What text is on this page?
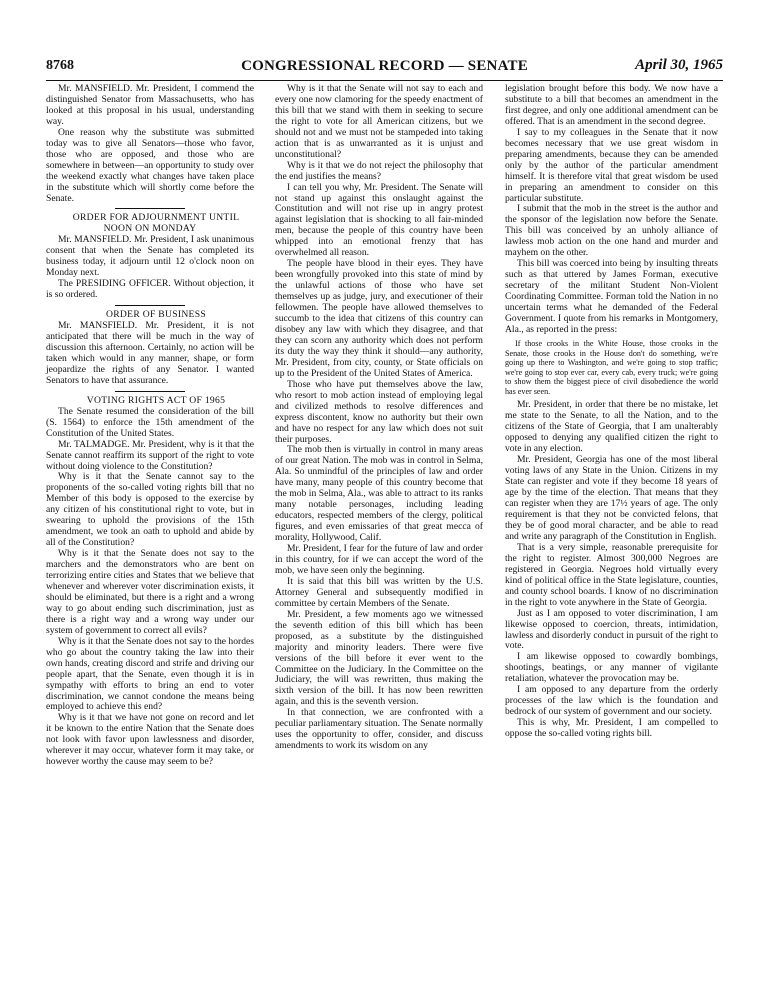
8768	CONGRESSIONAL RECORD — SENATE	April 30, 1965

Mr. MANSFIELD. Mr. President, I commend the distinguished Senator from Massachusetts, who has looked at this proposal in his usual, understanding way.

One reason why the substitute was submitted today was to give all Senators—those who favor, those who are opposed, and those who are somewhere in between—an opportunity to study over the weekend exactly what changes have taken place in the substitute which will shortly come before the Senate.

ORDER FOR ADJOURNMENT UNTIL NOON ON MONDAY

Mr. MANSFIELD. Mr. President, I ask unanimous consent that when the Senate has completed its business today, it adjourn until 12 o'clock noon on Monday next.

The PRESIDING OFFICER. Without objection, it is so ordered.

ORDER OF BUSINESS

Mr. MANSFIELD. Mr. President, it is not anticipated that there will be much in the way of discussion this afternoon. Certainly, no action will be taken which would in any manner, shape, or form jeopardize the rights of any Senator. I wanted Senators to have that assurance.

VOTING RIGHTS ACT OF 1965

The Senate resumed the consideration of the bill (S. 1564) to enforce the 15th amendment of the Constitution of the United States.

Mr. TALMADGE. Mr. President, why is it that the Senate cannot reaffirm its support of the right to vote without doing violence to the Constitution?

Why is it that the Senate cannot say to the proponents of the so-called voting rights bill that no Member of this body is opposed to the exercise by any citizen of his constitutional right to vote, but in swearing to uphold the provisions of the 15th amendment, we took an oath to uphold and abide by all of the Constitution?

Why is it that the Senate does not say to the marchers and the demonstrators who are bent on terrorizing entire cities and States that we believe that whenever and wherever voter discrimination exists, it should be eliminated, but there is a right and a wrong way to go about ending such discrimination, just as there is a right way and a wrong way under our system of government to correct all evils?

Why is it that the Senate does not say to the hordes who go about the country taking the law into their own hands, creating discord and strife and driving our people apart, that the Senate, even though it is in sympathy with efforts to bring an end to voter discrimination, we cannot condone the means being employed to achieve this end?

Why is it that we have not gone on record and let it be known to the entire Nation that the Senate does not look with favor upon lawlessness and disorder, wherever it may occur, whatever form it may take, or however worthy the cause may seem to be?

Why is it that the Senate will not say to each and every one now clamoring for the speedy enactment of this bill that we stand with them in seeking to secure the right to vote for all American citizens, but we should not and we must not be stampeded into taking action that is as unwarranted as it is unjust and unconstitutional?

Why is it that we do not reject the philosophy that the end justifies the means?

I can tell you why, Mr. President. The Senate will not stand up against this onslaught against the Constitution and will not rise up in angry protest against legislation that is shocking to all fair-minded men, because the people of this country have been whipped into an emotional frenzy that has overwhelmed all reason.

The people have blood in their eyes. They have been wrongfully provoked into this state of mind by the unlawful actions of those who have set themselves up as judge, jury, and executioner of their fellowmen. The people have allowed themselves to succumb to the idea that citizens of this country can disobey any law with which they disagree, and that they can scorn any authority which does not perform its duty the way they think it should—any authority, Mr. President, from city, county, or State officials on up to the President of the United States of America.

Those who have put themselves above the law, who resort to mob action instead of employing legal and civilized methods to resolve differences and express discontent, know no authority but their own and have no respect for any law which does not suit their purposes.

The mob then is virtually in control in many areas of our great Nation. The mob was in control in Selma, Ala. So unmindful of the principles of law and order have many, many people of this country become that the mob in Selma, Ala., was able to attract to its ranks many notable personages, including leading educators, respected members of the clergy, political figures, and even emissaries of that great mecca of morality, Hollywood, Calif.

Mr. President, I fear for the future of law and order in this country, for if we can accept the word of the mob, we have seen only the beginning.

It is said that this bill was written by the U.S. Attorney General and subsequently modified in committee by certain Members of the Senate.

Mr. President, a few moments ago we witnessed the seventh edition of this bill which has been proposed, as a substitute by the distinguished majority and minority leaders. There were five versions of the bill before it ever went to the Committee on the Judiciary. In the Committee on the Judiciary, the will was rewritten, thus making the sixth version of the bill. It has now been rewritten again, and this is the seventh version.

In that connection, we are confronted with a peculiar parliamentary situation. The Senate normally uses the opportunity to offer, consider, and discuss amendments to work its wisdom on any

legislation brought before this body. We now have a substitute to a bill that becomes an amendment in the first degree, and only one additional amendment can be offered. That is an amendment in the second degree.

I say to my colleagues in the Senate that it now becomes necessary that we use great wisdom in preparing amendments, because they can be amended only by the author of the particular amendment himself. It is therefore vital that great wisdom be used in preparing an amendment to consider on this particular substitute.

I submit that the mob in the street is the author and the sponsor of the legislation now before the Senate. This bill was conceived by an unholy alliance of lawless mob action on the one hand and murder and mayhem on the other.

This bill was coerced into being by insulting threats such as that uttered by James Forman, executive secretary of the militant Student Non-Violent Coordinating Committee. Forman told the Nation in no uncertain terms what he demanded of the Federal Government. I quote from his remarks in Montgomery, Ala., as reported in the press:

If those crooks in the White House, those crooks in the Senate, those crooks in the House don't do something, we're going up there to Washington, and we're going to stop traffic; we're going to stop ever car, every cab, every truck; we're going to show them the biggest piece of civil disobedience the world has ever seen.

Mr. President, in order that there be no mistake, let me state to the Senate, to all the Nation, and to the citizens of the State of Georgia, that I am unalterably opposed to denying any qualified citizen the right to vote in any election.

Mr. President, Georgia has one of the most liberal voting laws of any State in the Union. Citizens in my State can register and vote if they become 18 years of age by the time of the election. That means that they can register when they are 17½ years of age. The only requirement is that they not be convicted felons, that they be of good moral character, and be able to read and write any paragraph of the Constitution in English.

That is a very simple, reasonable prerequisite for the right to register. Almost 300,000 Negroes are registered in Georgia. Negroes hold virtually every kind of political office in the State legislature, counties, and county school boards. I know of no discrimination in the right to vote anywhere in the State of Georgia.

Just as I am opposed to voter discrimination, I am likewise opposed to coercion, threats, intimidation, lawless and disorderly conduct in pursuit of the right to vote.

I am likewise opposed to cowardly bombings, shootings, beatings, or any manner of vigilante retaliation, whatever the provocation may be.

I am opposed to any departure from the orderly processes of the law which is the foundation and bedrock of our system of government and our society.

This is why, Mr. President, I am compelled to oppose the so-called voting rights bill.
